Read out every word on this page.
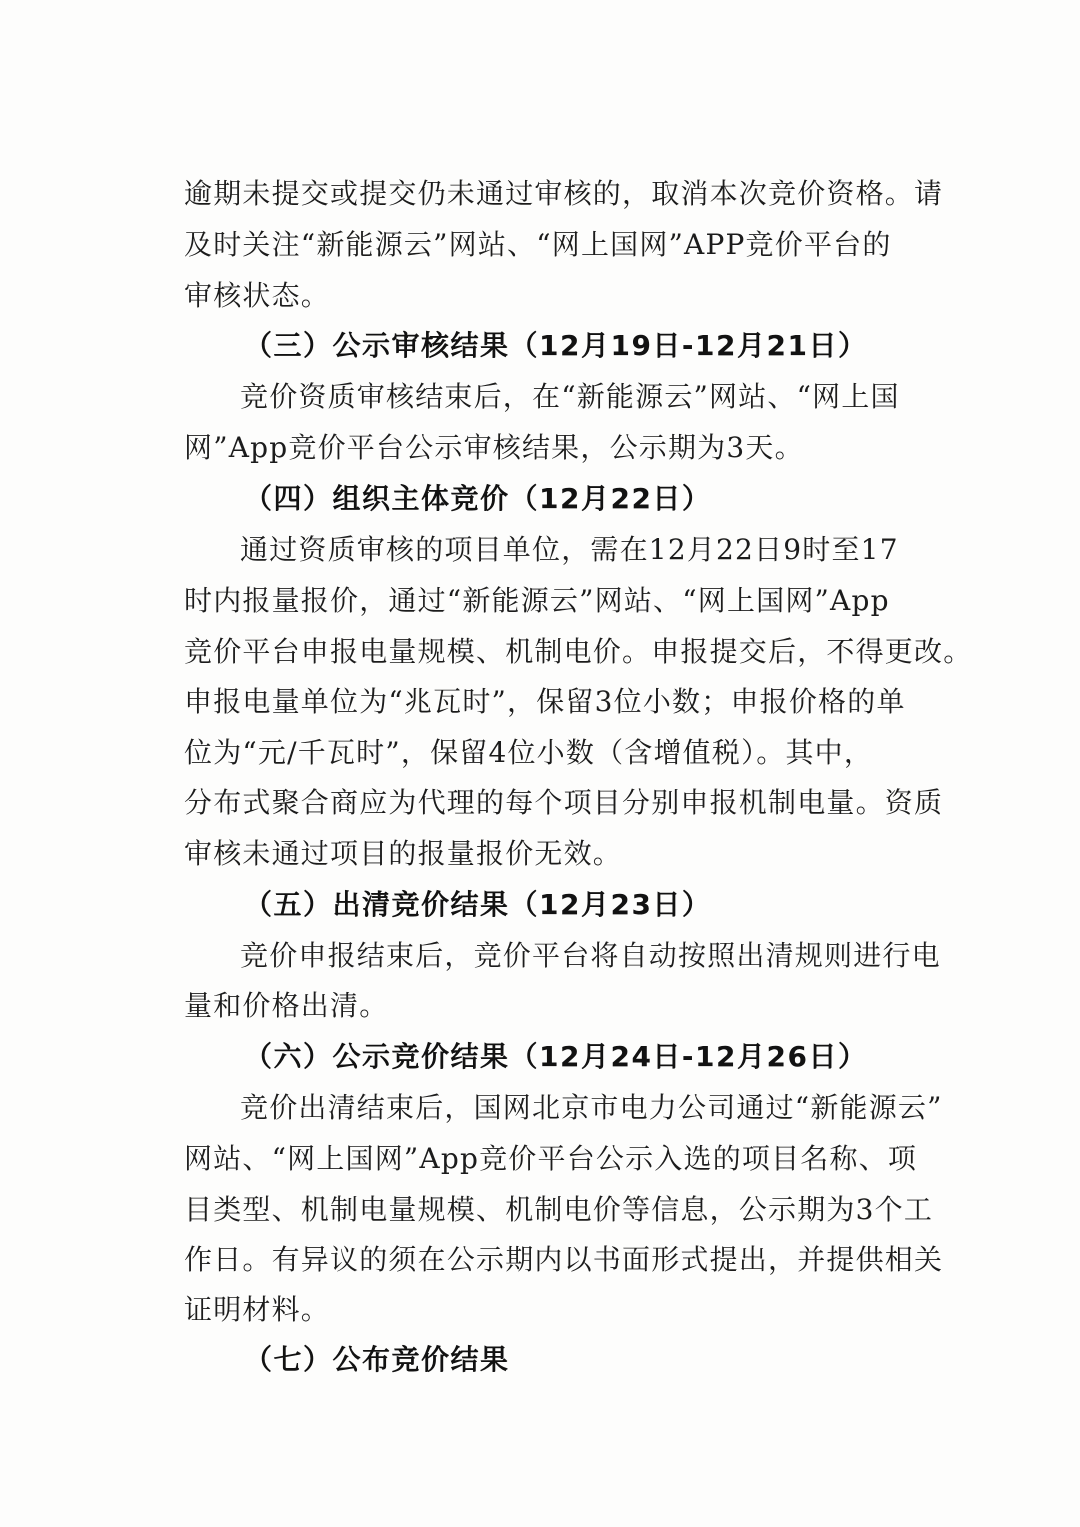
逾期未提交或提交仍未通过审核的，取消本次竞价资格。请
及时关注“新能源云”网站、“网上国网”APP竞价平台的
审核状态。
（三）公示审核结果（12月19日-12月21日）
竞价资质审核结束后，在“新能源云”网站、“网上国
网”App竞价平台公示审核结果，公示期为3天。
（四）组织主体竞价（12月22日）
通过资质审核的项目单位，需在12月22日9时至17
时内报量报价，通过“新能源云”网站、“网上国网”App
竞价平台申报电量规模、机制电价。申报提交后，不得更改。
申报电量单位为“兆瓦时”，保留3位小数；申报价格的单
位为“元/千瓦时”，保留4位小数（含增值税）。其中，
分布式聚合商应为代理的每个项目分别申报机制电量。资质
审核未通过项目的报量报价无效。
（五）出清竞价结果（12月23日）
竞价申报结束后，竞价平台将自动按照出清规则进行电
量和价格出清。
（六）公示竞价结果（12月24日-12月26日）
竞价出清结束后，国网北京市电力公司通过“新能源云”
网站、“网上国网”App竞价平台公示入选的项目名称、项
目类型、机制电量规模、机制电价等信息，公示期为3个工
作日。有异议的须在公示期内以书面形式提出，并提供相关
证明材料。
（七）公布竞价结果
